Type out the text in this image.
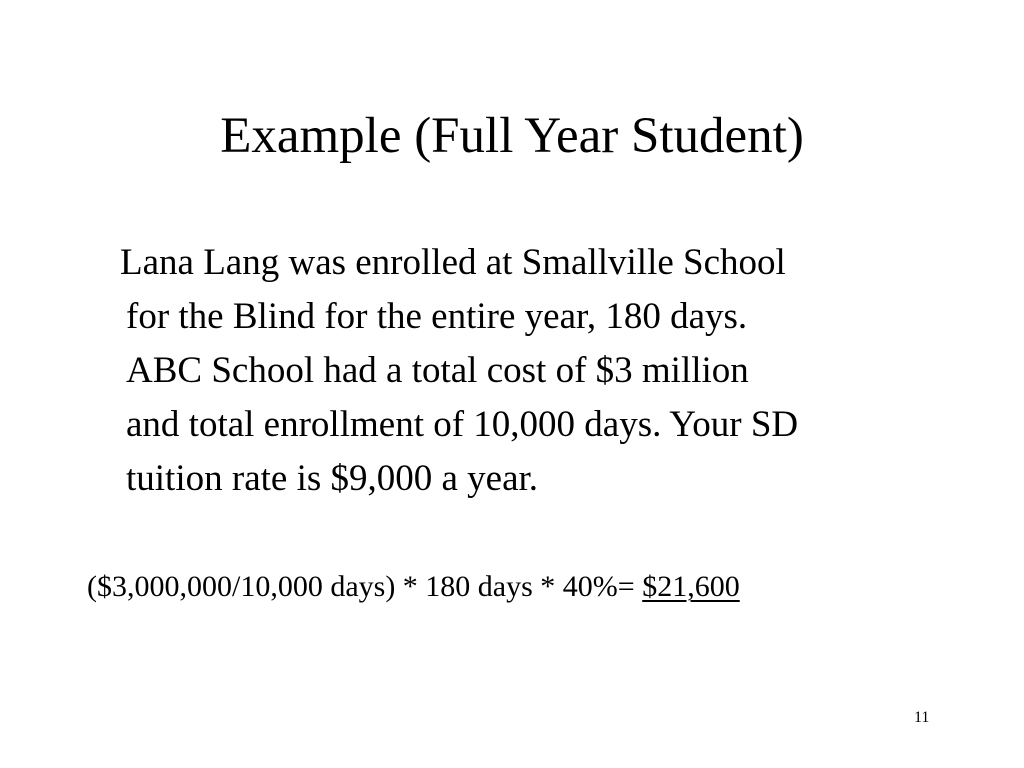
Example (Full Year Student)
Lana Lang was enrolled at Smallville School
for the Blind for the entire year, 180 days.
ABC School had a total cost of $3 million
and total enrollment of 10,000 days. Your SD
tuition rate is $9,000 a year.
($3,000,000/10,000 days) * 180 days * 40%= $21,600
11
